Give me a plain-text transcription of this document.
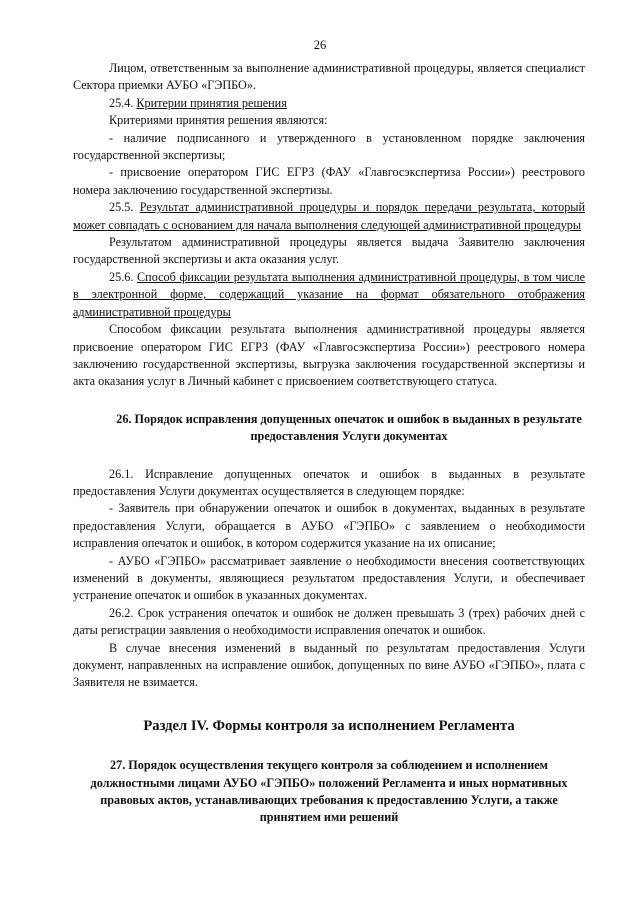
26

Лицом, ответственным за выполнение административной процедуры, является специалист Сектора приемки АУБО «ГЭПБО».

25.4. Критерии принятия решения

Критериями принятия решения являются:

- наличие подписанного и утвержденного в установленном порядке заключения государственной экспертизы;

- присвоение оператором ГИС ЕГРЗ (ФАУ «Главгосэкспертиза России») реестрового номера заключению государственной экспертизы.

25.5. Результат административной процедуры и порядок передачи результата, который может совпадать с основанием для начала выполнения следующей административной процедуры

Результатом административной процедуры является выдача Заявителю заключения государственной экспертизы и акта оказания услуг.

25.6. Способ фиксации результата выполнения административной процедуры, в том числе в электронной форме, содержащий указание на формат обязательного отображения административной процедуры

Способом фиксации результата выполнения административной процедуры является присвоение оператором ГИС ЕГРЗ (ФАУ «Главгосэкспертиза России») реестрового номера заключению государственной экспертизы, выгрузка заключения государственной экспертизы и акта оказания услуг в Личный кабинет с присвоением соответствующего статуса.

26. Порядок исправления допущенных опечаток и ошибок в выданных в результате предоставления Услуги документах

26.1. Исправление допущенных опечаток и ошибок в выданных в результате предоставления Услуги документах осуществляется в следующем порядке:

- Заявитель при обнаружении опечаток и ошибок в документах, выданных в результате предоставления Услуги, обращается в АУБО «ГЭПБО» с заявлением о необходимости исправления опечаток и ошибок, в котором содержится указание на их описание;

- АУБО «ГЭПБО» рассматривает заявление о необходимости внесения соответствующих изменений в документы, являющиеся результатом предоставления Услуги, и обеспечивает устранение опечаток и ошибок в указанных документах.

26.2. Срок устранения опечаток и ошибок не должен превышать 3 (трех) рабочих дней с даты регистрации заявления о необходимости исправления опечаток и ошибок.

В случае внесения изменений в выданный по результатам предоставления Услуги документ, направленных на исправление ошибок, допущенных по вине АУБО «ГЭПБО», плата с Заявителя не взимается.

Раздел IV. Формы контроля за исполнением Регламента

27. Порядок осуществления текущего контроля за соблюдением и исполнением должностными лицами АУБО «ГЭПБО» положений Регламента и иных нормативных правовых актов, устанавливающих требования к предоставлению Услуги, а также принятием ими решений
